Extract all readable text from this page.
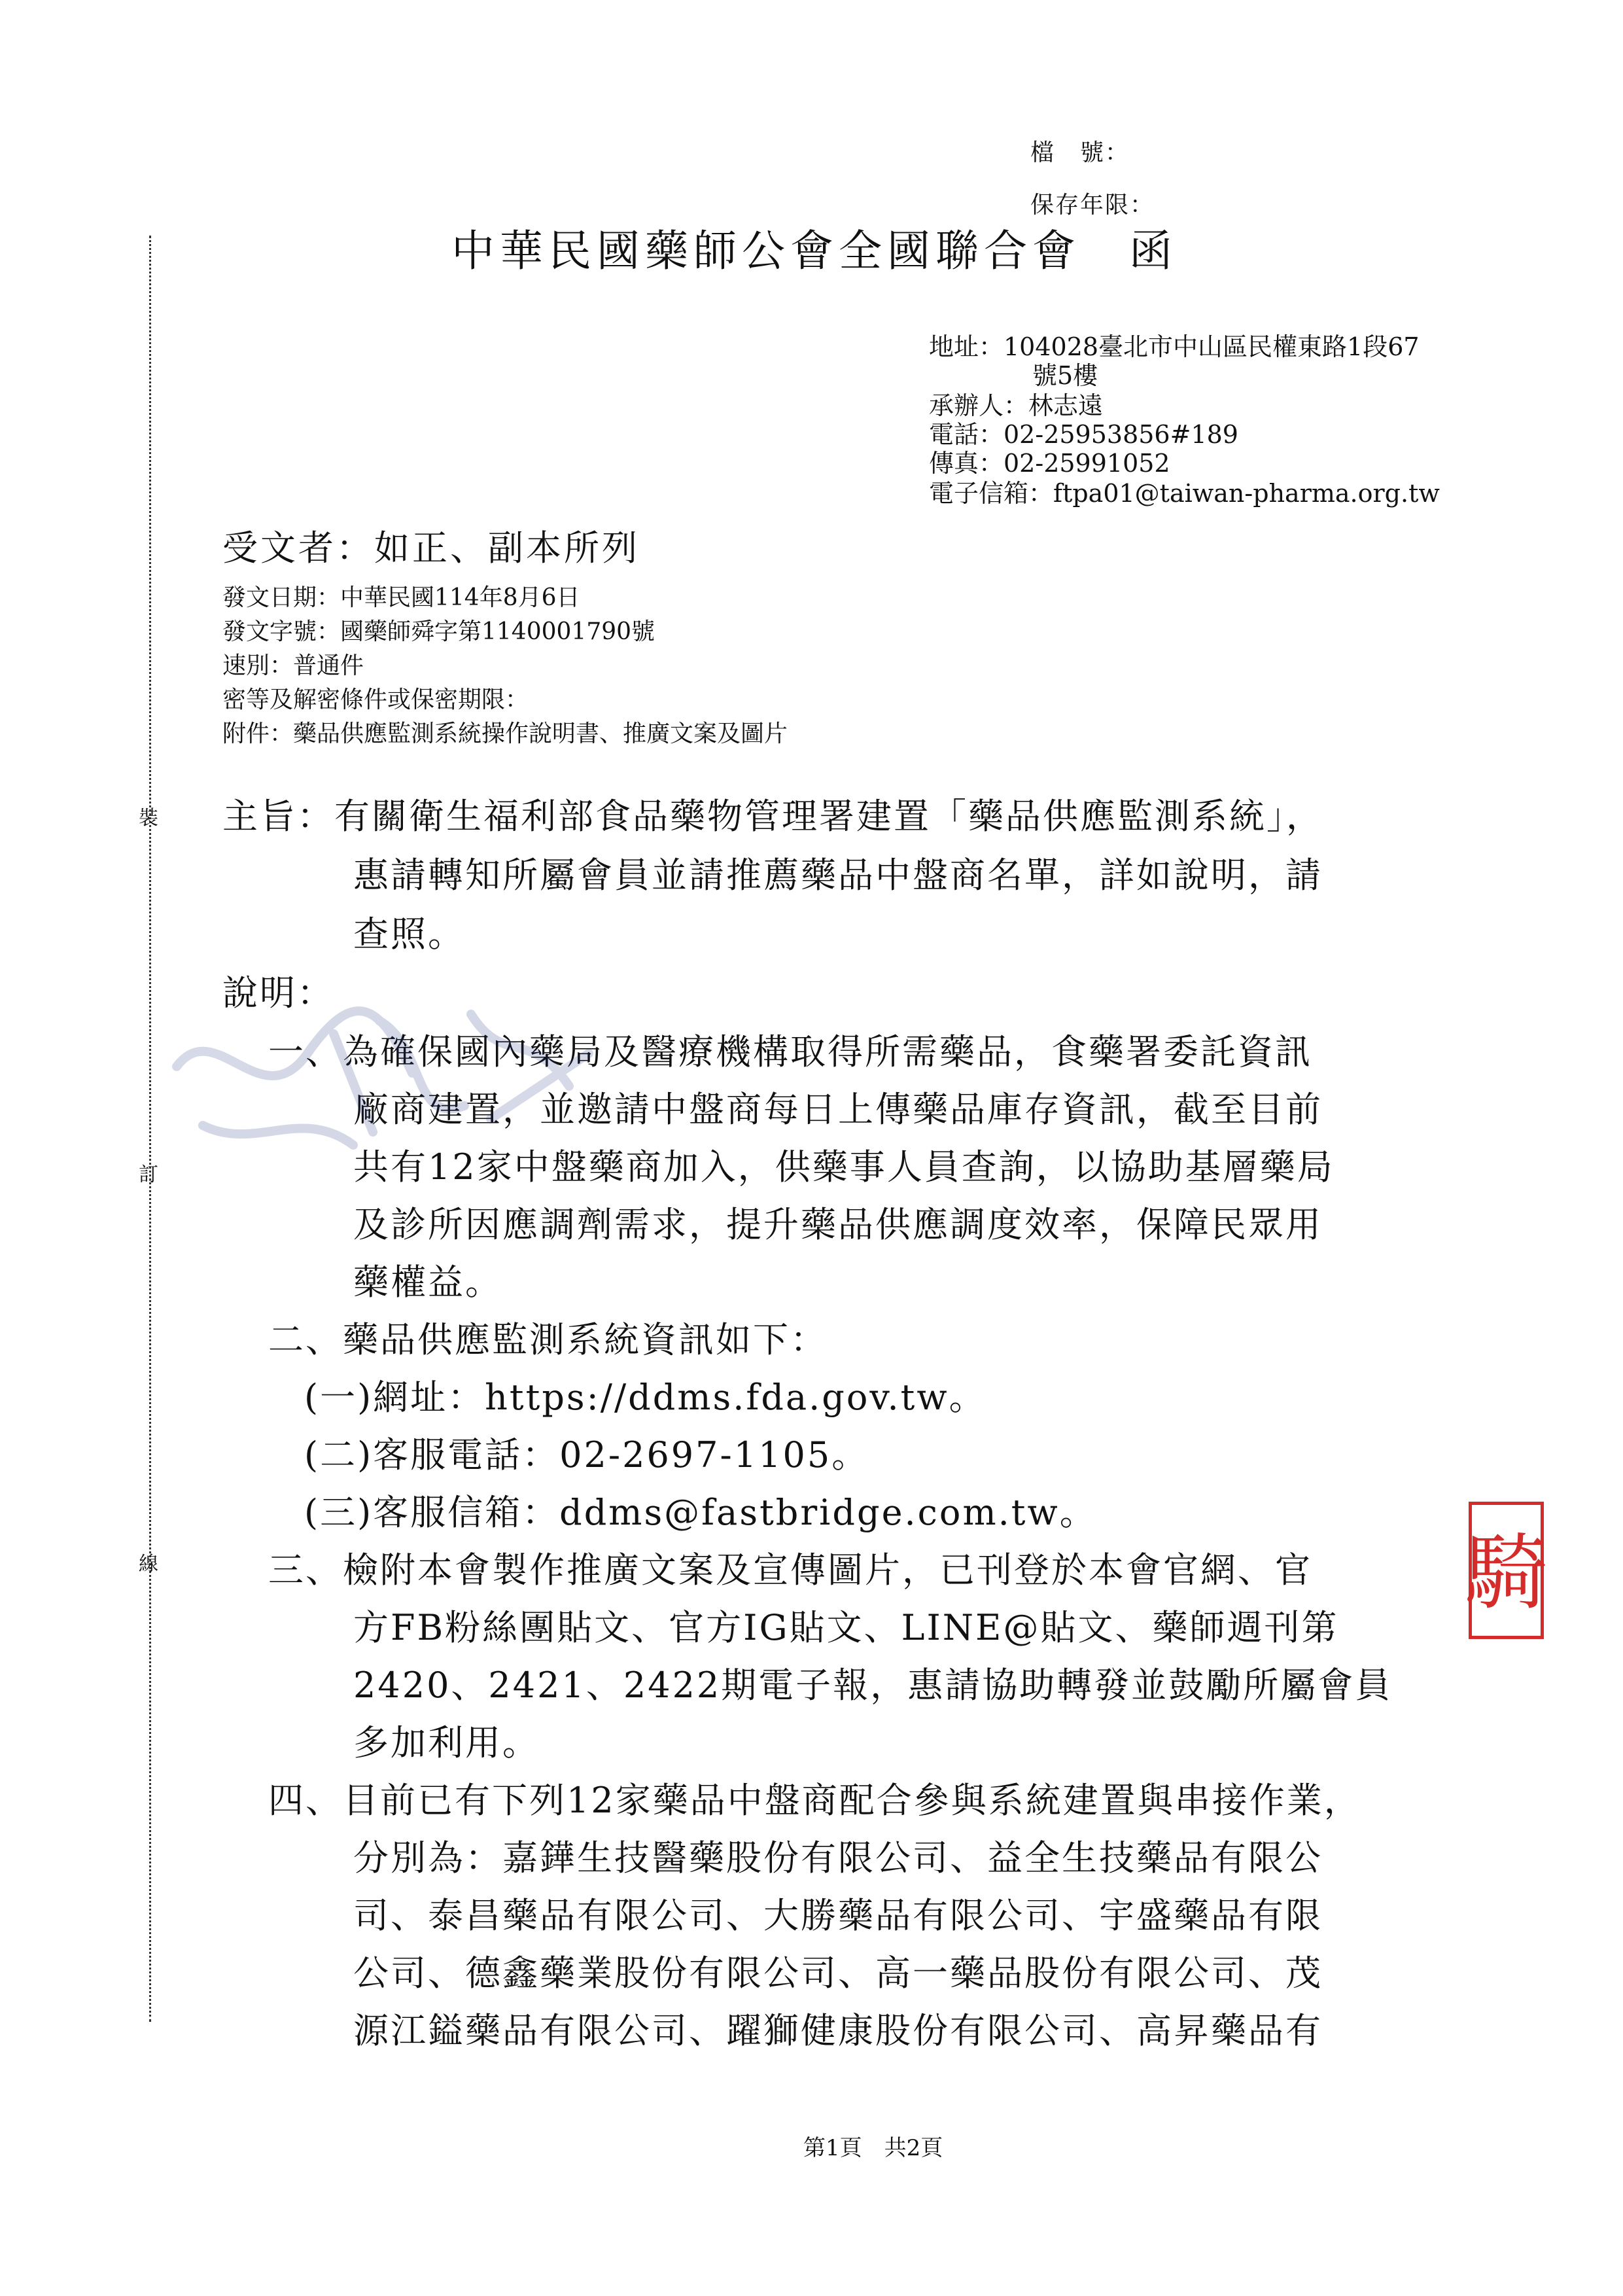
檔　號：
保存年限：
中華民國藥師公會全國聯合會　函
裝
訂
線
地址：104028臺北市中山區民權東路1段67
號5樓
承辦人：林志遠
電話：02-25953856#189
傳真：02-25991052
電子信箱：ftpa01@taiwan-pharma.org.tw
受文者：如正、副本所列
發文日期：中華民國114年8月6日
發文字號：國藥師舜字第1140001790號
速別：普通件
密等及解密條件或保密期限：
附件：藥品供應監測系統操作說明書、推廣文案及圖片
主旨：有關衛生福利部食品藥物管理署建置「藥品供應監測系統」，
惠請轉知所屬會員並請推薦藥品中盤商名單，詳如說明，請
查照。
說明：
一、為確保國內藥局及醫療機構取得所需藥品，食藥署委託資訊
廠商建置，並邀請中盤商每日上傳藥品庫存資訊，截至目前
共有12家中盤藥商加入，供藥事人員查詢，以協助基層藥局
及診所因應調劑需求，提升藥品供應調度效率，保障民眾用
藥權益。
二、藥品供應監測系統資訊如下：
(一)網址：https://ddms.fda.gov.tw。
(二)客服電話：02-2697-1105。
(三)客服信箱：ddms@fastbridge.com.tw。
三、檢附本會製作推廣文案及宣傳圖片，已刊登於本會官網、官
方FB粉絲團貼文、官方IG貼文、LINE@貼文、藥師週刊第
2420、2421、2422期電子報，惠請協助轉發並鼓勵所屬會員
多加利用。
四、目前已有下列12家藥品中盤商配合參與系統建置與串接作業，
分別為：嘉鏵生技醫藥股份有限公司、益全生技藥品有限公
司、泰昌藥品有限公司、大勝藥品有限公司、宇盛藥品有限
公司、德鑫藥業股份有限公司、高一藥品股份有限公司、茂
源江鎰藥品有限公司、躍獅健康股份有限公司、高昇藥品有
第1頁　共2頁
騎
